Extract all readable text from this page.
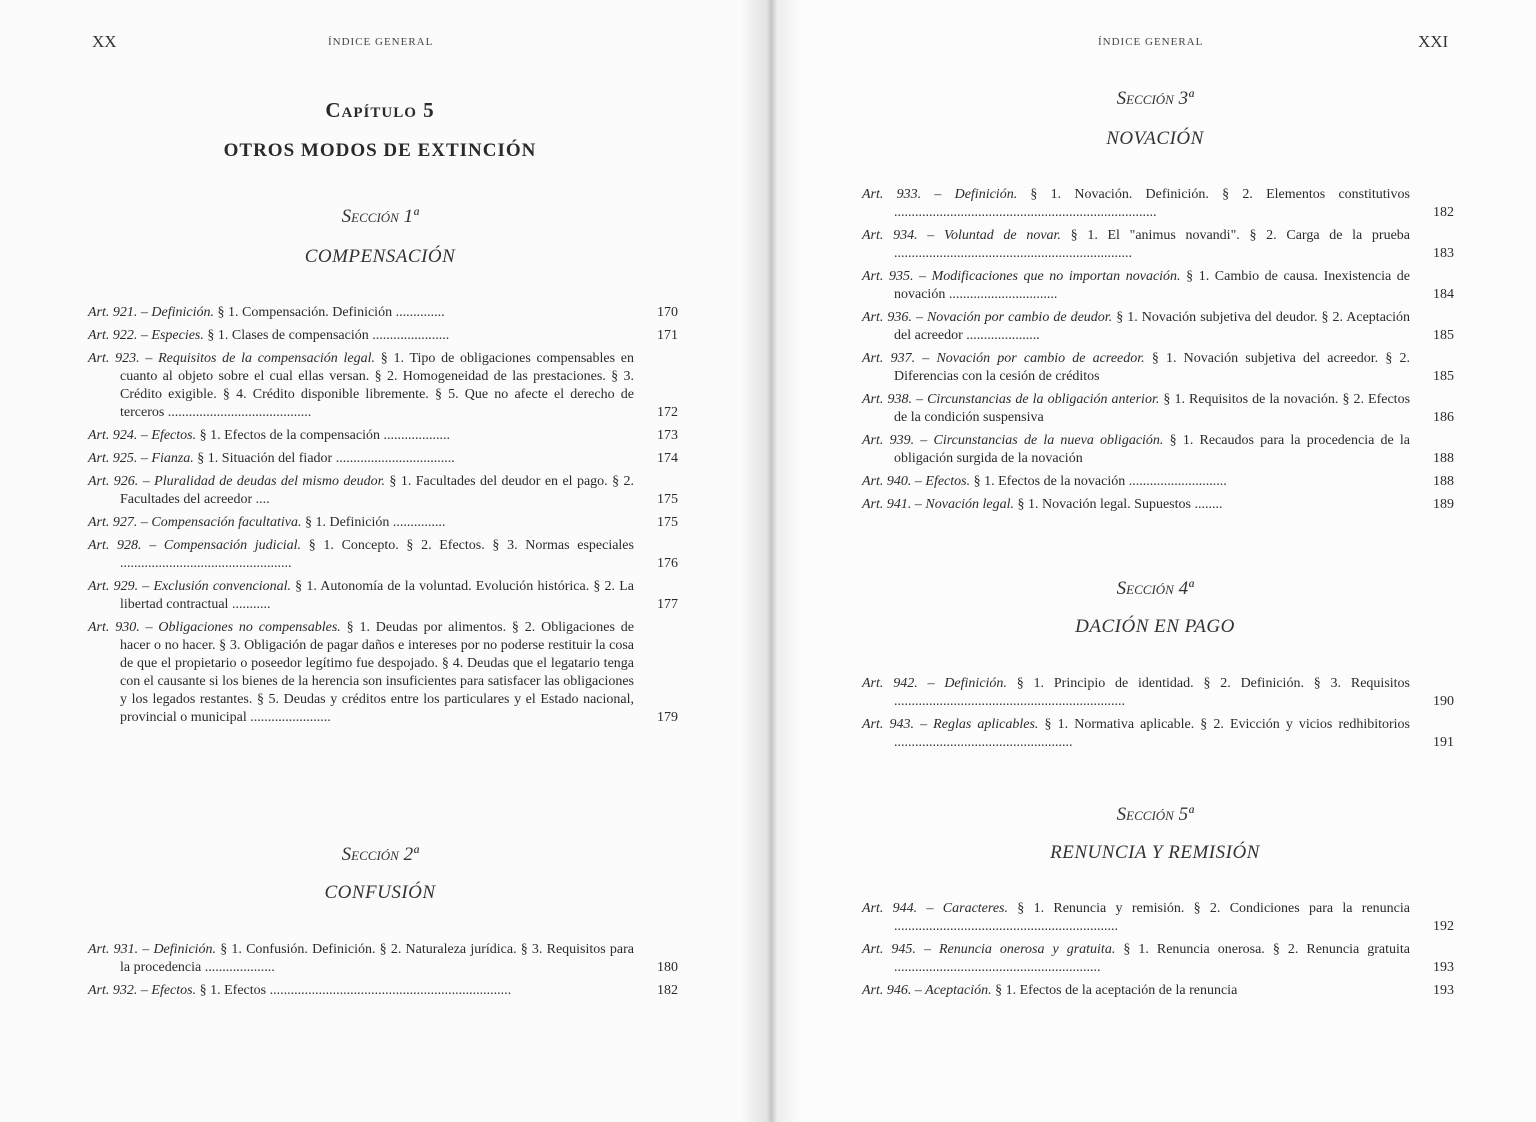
XX	ÍNDICE GENERAL
Capítulo 5
OTROS MODOS DE EXTINCIÓN
Sección 1ª
COMPENSACIÓN
Art. 921. – Definición. § 1. Compensación. Definición ..............	170
Art. 922. – Especies. § 1. Clases de compensación ......................	171
Art. 923. – Requisitos de la compensación legal. § 1. Tipo de obligaciones compensables en cuanto al objeto sobre el cual ellas versan. § 2. Homogeneidad de las prestaciones. § 3. Crédito exigible. § 4. Crédito disponible libremente. § 5. Que no afecte el derecho de terceros .........................................	172
Art. 924. – Efectos. § 1. Efectos de la compensación ...................	173
Art. 925. – Fianza. § 1. Situación del fiador ..................................	174
Art. 926. – Pluralidad de deudas del mismo deudor. § 1. Facultades del deudor en el pago. § 2. Facultades del acreedor ....	175
Art. 927. – Compensación facultativa. § 1. Definición ...............	175
Art. 928. – Compensación judicial. § 1. Concepto. § 2. Efectos. § 3. Normas especiales .................................................	176
Art. 929. – Exclusión convencional. § 1. Autonomía de la voluntad. Evolución histórica. § 2. La libertad contractual ...........	177
Art. 930. – Obligaciones no compensables. § 1. Deudas por alimentos. § 2. Obligaciones de hacer o no hacer. § 3. Obligación de pagar daños e intereses por no poderse restituir la cosa de que el propietario o poseedor legítimo fue despojado. § 4. Deudas que el legatario tenga con el causante si los bienes de la herencia son insuficientes para satisfacer las obligaciones y los legados restantes. § 5. Deudas y créditos entre los particulares y el Estado nacional, provincial o municipal .......................	179
Sección 2ª
CONFUSIÓN
Art. 931. – Definición. § 1. Confusión. Definición. § 2. Naturaleza jurídica. § 3. Requisitos para la procedencia ....................	180
Art. 932. – Efectos. § 1. Efectos .....................................................................	182
ÍNDICE GENERAL	XXI
Sección 3ª
NOVACIÓN
Art. 933. – Definición. § 1. Novación. Definición. § 2. Elementos constitutivos ...........................................................................	182
Art. 934. – Voluntad de novar. § 1. El "animus novandi". § 2. Carga de la prueba ....................................................................	183
Art. 935. – Modificaciones que no importan novación. § 1. Cambio de causa. Inexistencia de novación ...............................	184
Art. 936. – Novación por cambio de deudor. § 1. Novación subjetiva del deudor. § 2. Aceptación del acreedor .....................	185
Art. 937. – Novación por cambio de acreedor. § 1. Novación subjetiva del acreedor. § 2. Diferencias con la cesión de créditos	185
Art. 938. – Circunstancias de la obligación anterior. § 1. Requisitos de la novación. § 2. Efectos de la condición suspensiva	186
Art. 939. – Circunstancias de la nueva obligación. § 1. Recaudos para la procedencia de la obligación surgida de la novación	188
Art. 940. – Efectos. § 1. Efectos de la novación ............................	188
Art. 941. – Novación legal. § 1. Novación legal. Supuestos ........	189
Sección 4ª
DACIÓN EN PAGO
Art. 942. – Definición. § 1. Principio de identidad. § 2. Definición. § 3. Requisitos ..................................................................	190
Art. 943. – Reglas aplicables. § 1. Normativa aplicable. § 2. Evicción y vicios redhibitorios ...................................................	191
Sección 5ª
RENUNCIA Y REMISIÓN
Art. 944. – Caracteres. § 1. Renuncia y remisión. § 2. Condiciones para la renuncia ................................................................	192
Art. 945. – Renuncia onerosa y gratuita. § 1. Renuncia onerosa. § 2. Renuncia gratuita ...........................................................	193
Art. 946. – Aceptación. § 1. Efectos de la aceptación de la renuncia	193
